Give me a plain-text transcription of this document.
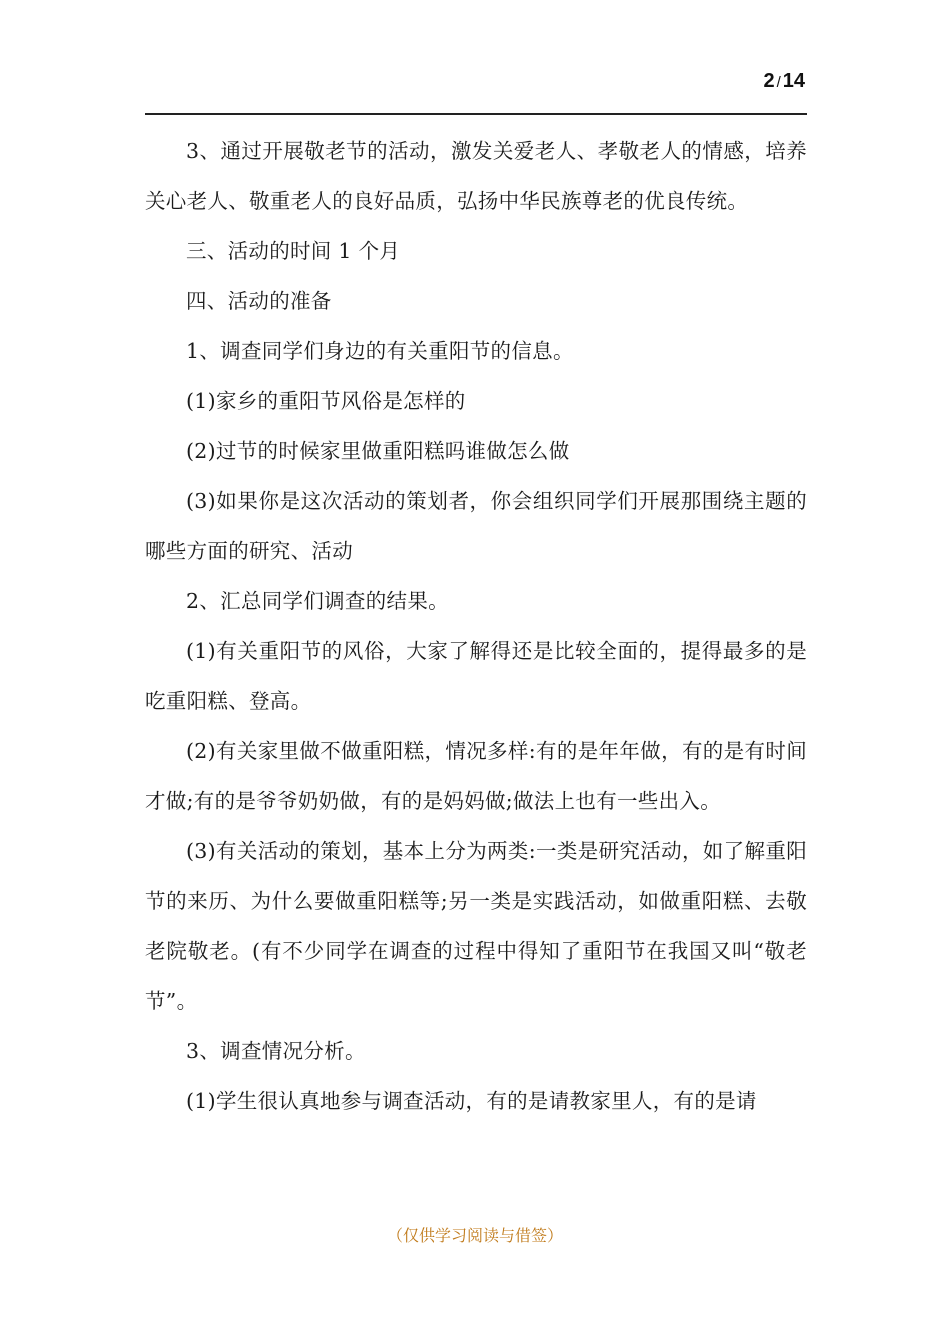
2 / 14

3、通过开展敬老节的活动，激发关爱老人、孝敬老人的情感，培养关心老人、敬重老人的良好品质，弘扬中华民族尊老的优良传统。

三、活动的时间 1 个月

四、活动的准备

1、调查同学们身边的有关重阳节的信息。

(1)家乡的重阳节风俗是怎样的

(2)过节的时候家里做重阳糕吗谁做怎么做

(3)如果你是这次活动的策划者，你会组织同学们开展那围绕主题的哪些方面的研究、活动

2、汇总同学们调查的结果。

(1)有关重阳节的风俗，大家了解得还是比较全面的，提得最多的是吃重阳糕、登高。

(2)有关家里做不做重阳糕，情况多样:有的是年年做，有的是有时间才做;有的是爷爷奶奶做，有的是妈妈做;做法上也有一些出入。

(3)有关活动的策划，基本上分为两类:一类是研究活动，如了解重阳节的来历、为什么要做重阳糕等;另一类是实践活动，如做重阳糕、去敬老院敬老。(有不少同学在调查的过程中得知了重阳节在我国又叫“敬老节”。

3、调查情况分析。

(1)学生很认真地参与调查活动，有的是请教家里人，有的是请

（仅供学习阅读与借签）
